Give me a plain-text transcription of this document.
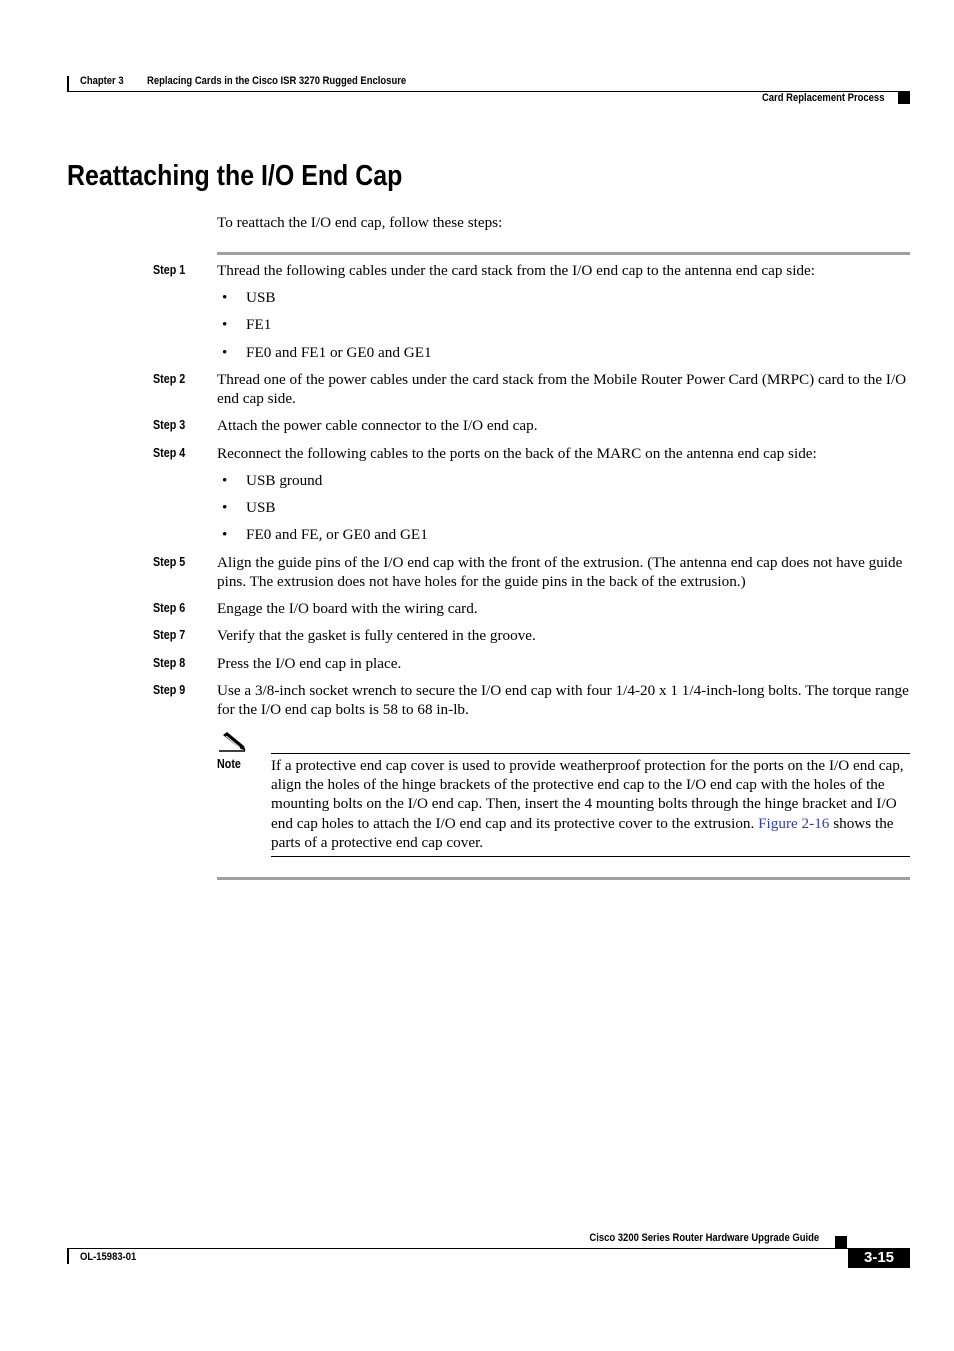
Chapter 3 Replacing Cards in the Cisco ISR 3270 Rugged Enclosure
Card Replacement Process
Reattaching the I/O End Cap
To reattach the I/O end cap, follow these steps:
Step 1 Thread the following cables under the card stack from the I/O end cap to the antenna end cap side:
• USB
• FE1
• FE0 and FE1 or GE0 and GE1
Step 2 Thread one of the power cables under the card stack from the Mobile Router Power Card (MRPC) card to the I/O end cap side.
Step 3 Attach the power cable connector to the I/O end cap.
Step 4 Reconnect the following cables to the ports on the back of the MARC on the antenna end cap side:
• USB ground
• USB
• FE0 and FE, or GE0 and GE1
Step 5 Align the guide pins of the I/O end cap with the front of the extrusion. (The antenna end cap does not have guide pins. The extrusion does not have holes for the guide pins in the back of the extrusion.)
Step 6 Engage the I/O board with the wiring card.
Step 7 Verify that the gasket is fully centered in the groove.
Step 8 Press the I/O end cap in place.
Step 9 Use a 3/8-inch socket wrench to secure the I/O end cap with four 1/4-20 x 1 1/4-inch-long bolts. The torque range for the I/O end cap bolts is 58 to 68 in-lb.
Note If a protective end cap cover is used to provide weatherproof protection for the ports on the I/O end cap, align the holes of the hinge brackets of the protective end cap to the I/O end cap with the holes of the mounting bolts on the I/O end cap. Then, insert the 4 mounting bolts through the hinge bracket and I/O end cap holes to attach the I/O end cap and its protective cover to the extrusion. Figure 2-16 shows the parts of a protective end cap cover.
Cisco 3200 Series Router Hardware Upgrade Guide
OL-15983-01	3-15
